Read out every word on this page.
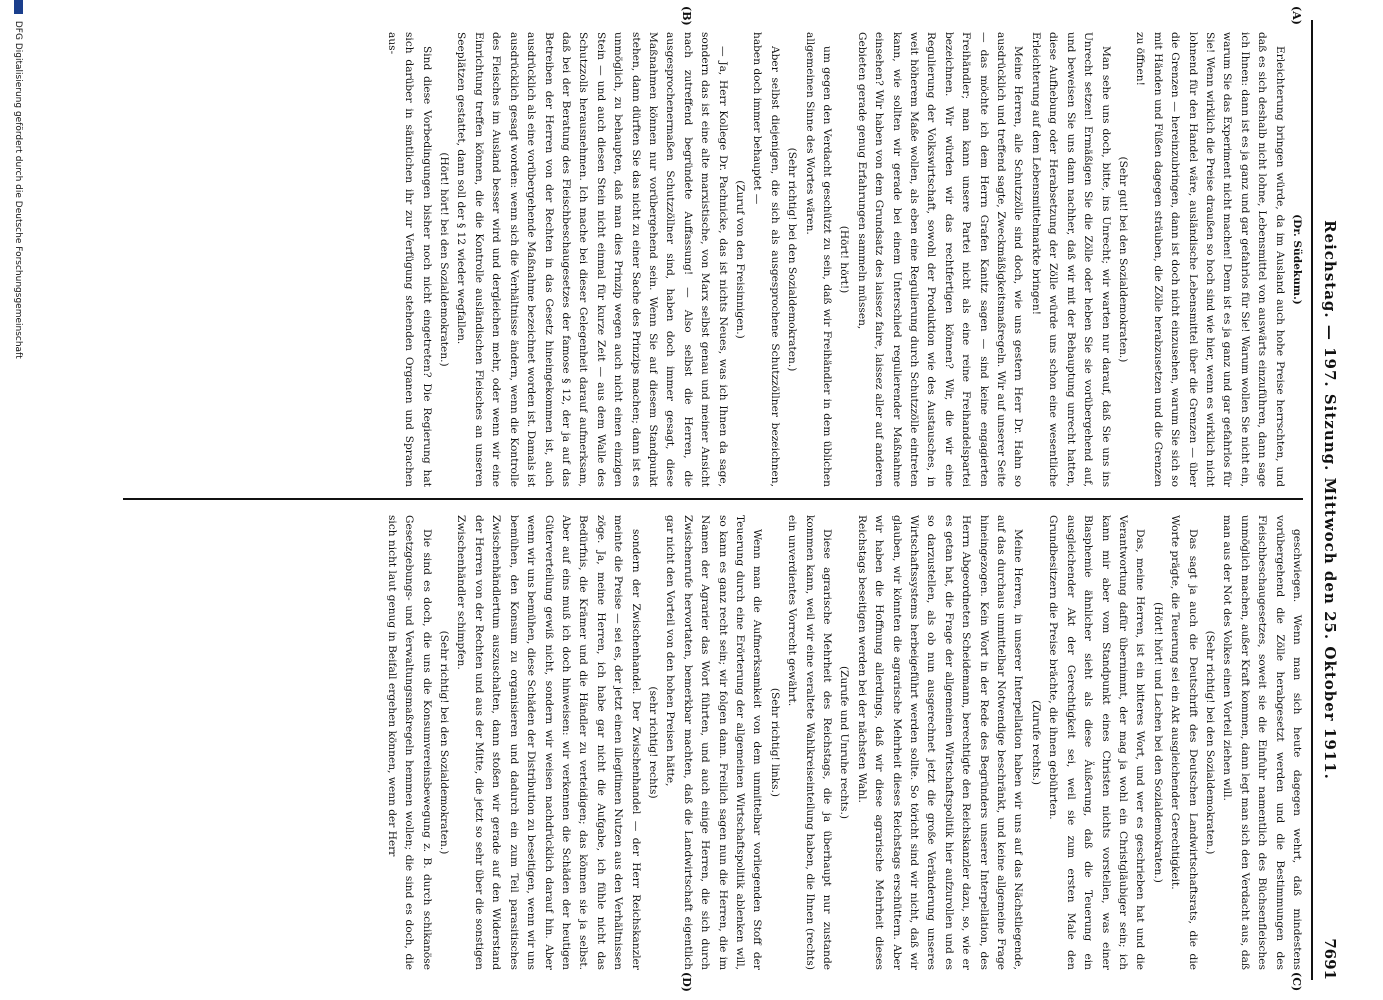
Reichstag. — 197. Sitzung. Mittwoch den 25. Oktober 1911.
7691
(A)
(B)
(C)
(D)

(Dr. Südekum.)

Erleichterung bringen würde, da im Ausland auch hohe Preise herrschten, und daß es sich deshalb nicht lohne, Lebensmittel von auswärts einzuführen, dann sage ich Ihnen: dann ist es ja ganz und gar gefahrlos für Sie! Warum wollen Sie nicht ein, warum Sie das Experiment nicht machen! Denn ist es ja ganz und gar gefahrlos für Sie! Wenn wirklich die Preise draußen so hoch sind wie hier, wenn es wirklich nicht lohnend für den Handel wäre, ausländische Lebensmittel über die Grenzen — über die Grenzen — hereinzubringen, dann ist doch nicht einzusehen, warum Sie sich so mit Händen und Füßen dagegen sträuben, die Zölle herabzusetzen und die Grenzen zu öffnen!

(Sehr gut! bei den Sozialdemokraten.)

Man sehe uns doch, bitte, ins Unrecht; wir warten nur darauf, daß Sie uns ins Unrecht setzen! Ermäßigen Sie die Zölle oder heben Sie sie vorübergehend auf, und beweisen Sie uns dann nachher, daß wir mit der Behauptung unrecht hatten, diese Aufhebung oder Herabsetzung der Zölle würde uns schon eine wesentliche Erleichterung auf dem Lebensmittelmarkte bringen!

Meine Herren, alle Schutzzölle sind doch, wie uns gestern Herr Dr. Hahn so ausdrücklich und treffend sagte, Zweckmäßigkeitsmaßregeln. Wir auf unserer Seite — das möchte ich dem Herrn Grafen Kanitz sagen — sind keine engagierten Freihändler; man kann unsere Partei nicht als eine reine Freihandelspartei bezeichnen. Wir würden wir das rechtfertigen können? Wir, die wir eine Regulierung der Volkswirtschaft, sowohl der Produktion wie des Austausches, in weit höherem Maße wollen, als eben eine Regulierung durch Schutzzölle eintreten kann, wie sollten wir gerade bei einem Unterschied regulierender Maßnahme einsehen? Wir haben von dem Grundsatz des laissez faire, laissez aller auf anderen Gebieten gerade genug Erfahrungen sammeln müssen,

(Hört! hört!)

um gegen den Verdacht geschützt zu sein, daß wir Freihändler in dem üblichen allgemeinen Sinne des Wortes wären.

(Sehr richtig! bei den Sozialdemokraten.)

Aber selbst diejenigen, die sich als ausgesprochene Schutzzöllner bezeichnen, haben doch immer behauptet —

(Zuruf von den Freisinnigen.)

— Ja, Herr Kollege Dr. Pachnicke, das ist nichts Neues, was ich Ihnen da sage, sondern das ist eine alte marxistische, von Marx selbst genau und meiner Ansicht nach zutreffend begründete Auffassung! — Also selbst die Herren, die ausgesprochenermaßen Schutzzöllner sind, haben doch immer gesagt, diese Maßnahmen können nur vorübergehend sein. Wenn Sie auf diesem Standpunkt stehen, dann dürften Sie das nicht zu einer Sache des Prinzips machen; dann ist es unmöglich, zu behaupten, daß man dies Prinzip wegen auch nicht einen einzigen Stein — und auch diesen Stein nicht einmal für kurze Zeit — aus dem Walle des Schutzzolls herausnehmen. Ich mache bei dieser Gelegenheit darauf aufmerksam, daß bei der Beratung des Fleischbeschaugesetzes der famose § 12, der ja auf das Betreiben der Herren von der Rechten in das Gesetz hineingekommen ist, auch ausdrücklich als eine vorübergehende Maßnahme bezeichnet worden ist. Damals ist ausdrücklich gesagt worden: wenn sich die Verhältnisse ändern, wenn die Kontrolle des Fleisches im Ausland besser wird und dergleichen mehr, oder wenn wir eine Einrichtung treffen können, die die Kontrolle ausländischen Fleisches an unseren Seeplätzen gestattet, dann soll der § 12 wieder wegfallen.

(Hört! hört! bei den Sozialdemokraten.)

Sind diese Vorbedingungen bisher noch nicht eingetreten? Die Regierung hat sich darüber in sämtlichen ihr zur Verfügung stehenden Organen und Sprachen aus-

geschwiegen. Wenn man sich heute dagegen wehrt, daß mindestens vorübergehend die Zölle herabgesetzt werden und die Bestimmungen des Fleischbeschaugesetzes, soweit sie die Einfuhr namentlich des Büchsenfleisches unmöglich machen, außer Kraft kommen, dann legt man sich den Verdacht aus, daß man aus der Not des Volkes einen Vorteil ziehen will.

(Sehr richtig! bei den Sozialdemokraten.)

Das sagt ja auch die Deutschrift des Deutschen Landwirtschaftsrats, die die Worte prägte, die Teuerung sei ein Akt ausgleichender Gerechtigkeit.

(Hört! hört! und Lachen bei den Sozialdemokraten.)

Das, meine Herren, ist ein bitteres Wort, und wer es geschrieben hat und die Verantwortung dafür übernimmt, der mag ja wohl ein Christgläubiger sein; ich kann mir aber vom Standpunkt eines Christen nichts vorstellen, was einer Blasphemie ähnlicher sieht als diese Äußerung, daß die Teuerung ein ausgleichender Akt der Gerechtigkeit sei, weil sie zum ersten Male den Grundbesitzern die Preise brächte, die ihnen gebührten.

(Zurufe rechts.)

Meine Herren, in unserer Interpellation haben wir uns auf das Nächstliegende, auf das durchaus unmittelbar Notwendige beschränkt, und keine allgemeine Frage hineingezogen. Kein Wort in der Rede des Begründers unserer Interpellation, des Herrn Abgeordneten Scheidemann, berechtigte den Reichskanzler dazu, so, wie er es getan hat, die Frage der allgemeinen Wirtschaftspolitik hier aufzurollen und es so darzustellen, als ob nun ausgerechnet jetzt die große Veränderung unseres Wirtschaftssystems herbeigeführt werden sollte. So töricht sind wir nicht, daß wir glauben, wir könnten die agrarische Mehrheit dieses Reichstags erschüttern. Aber wir haben die Hoffnung allerdings, daß wir diese agrarische Mehrheit dieses Reichstags beseitigen werden bei der nächsten Wahl.

(Zurufe und Unruhe rechts.)

Diese agrarische Mehrheit des Reichstags, die ja überhaupt nur zustande kommen kann, weil wir eine veraltete Wahlkreiseinteilung haben, die Ihnen (rechts) ein unverdientes Vorrecht gewährt.

(Sehr richtig! links.)

Wenn man die Aufmerksamkeit von dem unmittelbar vorliegenden Stoff der Teuerung durch eine Erörterung der allgemeinen Wirtschaftspolitik ablenken will, so kann es ganz recht sein; wir folgen dann. Freilich sagen nun die Herren, die im Namen der Agrarier das Wort führten, und auch einige Herren, die sich durch Zwischenrufe hervortaten, bemerkbar machten, daß die Landwirtschaft eigentlich gar nicht den Vorteil von den hohen Preisen hätte,

(sehr richtig! rechts)

sondern der Zwischenhandel. Der Zwischenhandel — der Herr Reichskanzler meinte die Preise — sei es, der jetzt einen illegitimen Nutzen aus den Verhältnissen zöge. Ja, meine Herren, ich habe gar nicht die Aufgabe, ich fühle nicht das Bedürfnis, die Krämer und die Händler zu verteidigen; das können sie ja selbst. Aber auf eins muß ich doch hinweisen: wir verkennen die Schäden der heutigen Güterverteilung gewiß nicht, sondern wir weisen nachdrücklich darauf hin. Aber wenn wir uns bemühen, diese Schäden der Distribution zu beseitigen, wenn wir uns bemühen, den Konsum zu organisieren und dadurch ein zum Teil parasitisches Zwischenhändlertum auszuschalten, dann stoßen wir gerade auf den Widerstand der Herren von der Rechten und aus der Mitte, die jetzt so sehr über die sonstigen Zwischenhändler schimpfen.

(Sehr richtig! bei den Sozialdemokraten.)

Die sind es doch, die uns die Konsumvereinsbewegung z. B. durch schikanöse Gesetzgebungs- und Verwaltungsmaßregeln hemmen wollen; die sind es doch, die sich nicht laut genug in Beifall ergehen können, wenn der Herr

DFG Digitalisierung gefördert durch die Deutsche Forschungsgemeinschaft
